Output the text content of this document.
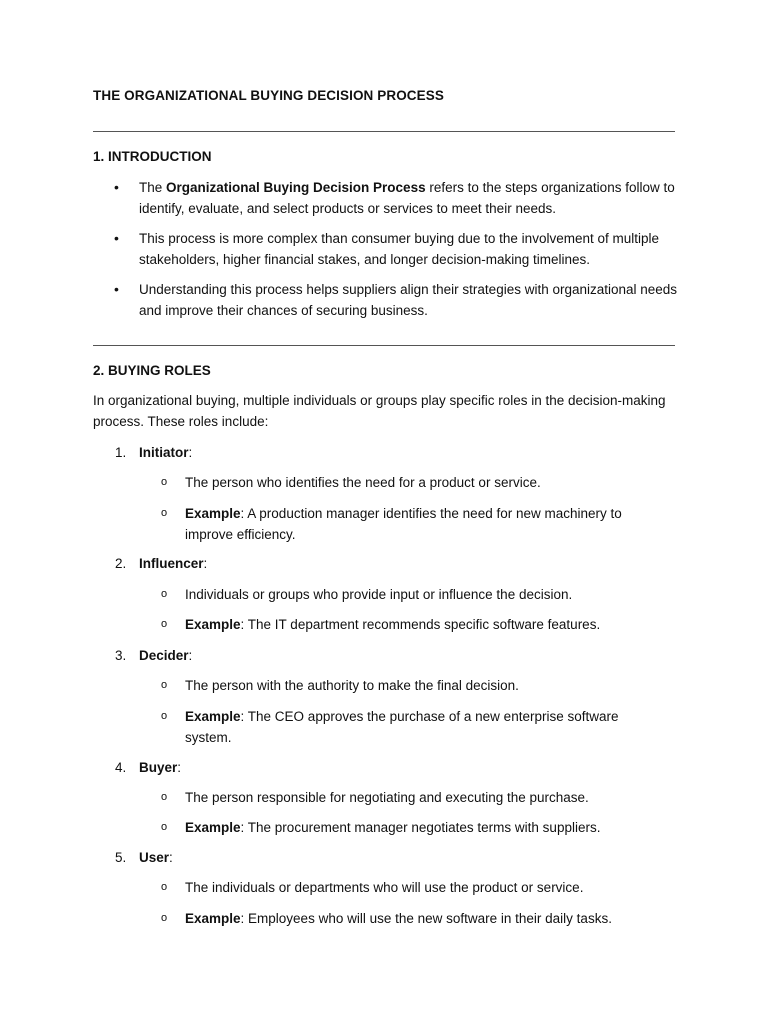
THE ORGANIZATIONAL BUYING DECISION PROCESS
1. INTRODUCTION
• The Organizational Buying Decision Process refers to the steps organizations follow to identify, evaluate, and select products or services to meet their needs.
• This process is more complex than consumer buying due to the involvement of multiple stakeholders, higher financial stakes, and longer decision-making timelines.
• Understanding this process helps suppliers align their strategies with organizational needs and improve their chances of securing business.
2. BUYING ROLES
In organizational buying, multiple individuals or groups play specific roles in the decision-making process. These roles include:
1. Initiator:
o The person who identifies the need for a product or service.
o Example: A production manager identifies the need for new machinery to improve efficiency.
2. Influencer:
o Individuals or groups who provide input or influence the decision.
o Example: The IT department recommends specific software features.
3. Decider:
o The person with the authority to make the final decision.
o Example: The CEO approves the purchase of a new enterprise software system.
4. Buyer:
o The person responsible for negotiating and executing the purchase.
o Example: The procurement manager negotiates terms with suppliers.
5. User:
o The individuals or departments who will use the product or service.
o Example: Employees who will use the new software in their daily tasks.
